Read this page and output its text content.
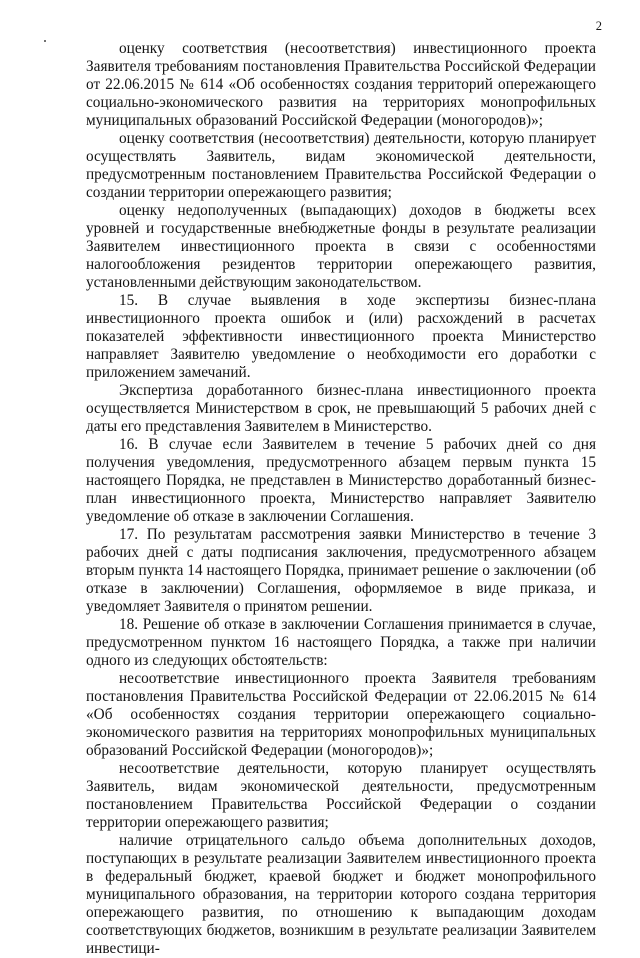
2

оценку соответствия (несоответствия) инвестиционного проекта Заявителя требованиям постановления Правительства Российской Федерации от 22.06.2015 № 614 «Об особенностях создания территорий опережающего социально-экономического развития на территориях монопрофильных муниципальных образований Российской Федерации (моногородов)»;

оценку соответствия (несоответствия) деятельности, которую планирует осуществлять Заявитель, видам экономической деятельности, предусмотренным постановлением Правительства Российской Федерации о создании территории опережающего развития;

оценку недополученных (выпадающих) доходов в бюджеты всех уровней и государственные внебюджетные фонды в результате реализации Заявителем инвестиционного проекта в связи с особенностями налогообложения резидентов территории опережающего развития, установленными действующим законодательством.

15. В случае выявления в ходе экспертизы бизнес-плана инвестиционного проекта ошибок и (или) расхождений в расчетах показателей эффективности инвестиционного проекта Министерство направляет Заявителю уведомление о необходимости его доработки с приложением замечаний.

Экспертиза доработанного бизнес-плана инвестиционного проекта осуществляется Министерством в срок, не превышающий 5 рабочих дней с даты его представления Заявителем в Министерство.

16. В случае если Заявителем в течение 5 рабочих дней со дня получения уведомления, предусмотренного абзацем первым пункта 15 настоящего Порядка, не представлен в Министерство доработанный бизнес-план инвестиционного проекта, Министерство направляет Заявителю уведомление об отказе в заключении Соглашения.

17. По результатам рассмотрения заявки Министерство в течение 3 рабочих дней с даты подписания заключения, предусмотренного абзацем вторым пункта 14 настоящего Порядка, принимает решение о заключении (об отказе в заключении) Соглашения, оформляемое в виде приказа, и уведомляет Заявителя о принятом решении.

18. Решение об отказе в заключении Соглашения принимается в случае, предусмотренном пунктом 16 настоящего Порядка, а также при наличии одного из следующих обстоятельств:

несоответствие инвестиционного проекта Заявителя требованиям постановления Правительства Российской Федерации от 22.06.2015 № 614 «Об особенностях создания территории опережающего социально-экономического развития на территориях монопрофильных муниципальных образований Российской Федерации (моногородов)»;

несоответствие деятельности, которую планирует осуществлять Заявитель, видам экономической деятельности, предусмотренным постановлением Правительства Российской Федерации о создании территории опережающего развития;

наличие отрицательного сальдо объема дополнительных доходов, поступающих в результате реализации Заявителем инвестиционного проекта в федеральный бюджет, краевой бюджет и бюджет монопрофильного муниципального образования, на территории которого создана территория опережающего развития, по отношению к выпадающим доходам соответствующих бюджетов, возникшим в результате реализации Заявителем инвестици-
